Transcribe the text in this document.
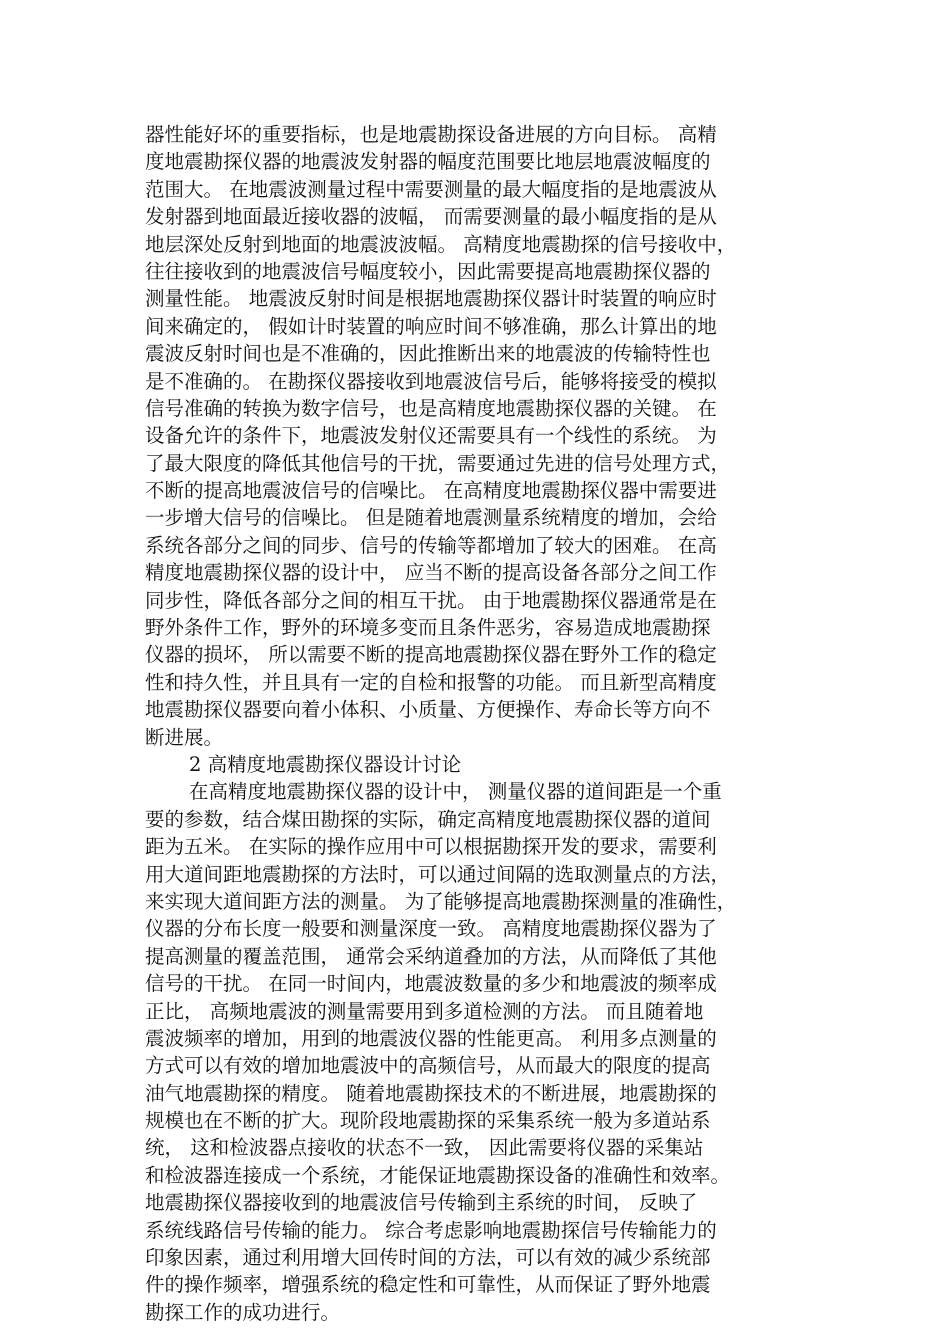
器性能好坏的重要指标，也是地震勘探设备进展的方向目标。 高精
度地震勘探仪器的地震波发射器的幅度范围要比地层地震波幅度的
范围大。 在地震波测量过程中需要测量的最大幅度指的是地震波从
发射器到地面最近接收器的波幅， 而需要测量的最小幅度指的是从
地层深处反射到地面的地震波波幅。 高精度地震勘探的信号接收中，
往往接收到的地震波信号幅度较小，因此需要提高地震勘探仪器的
测量性能。 地震波反射时间是根据地震勘探仪器计时装置的响应时
间来确定的， 假如计时装置的响应时间不够准确，那么计算出的地
震波反射时间也是不准确的，因此推断出来的地震波的传输特性也
是不准确的。 在勘探仪器接收到地震波信号后，能够将接受的模拟
信号准确的转换为数字信号，也是高精度地震勘探仪器的关键。 在
设备允许的条件下，地震波发射仪还需要具有一个线性的系统。 为
了最大限度的降低其他信号的干扰，需要通过先进的信号处理方式，
不断的提高地震波信号的信噪比。 在高精度地震勘探仪器中需要进
一步增大信号的信噪比。 但是随着地震测量系统精度的增加，会给
系统各部分之间的同步、信号的传输等都增加了较大的困难。 在高
精度地震勘探仪器的设计中， 应当不断的提高设备各部分之间工作
同步性，降低各部分之间的相互干扰。 由于地震勘探仪器通常是在
野外条件工作，野外的环境多变而且条件恶劣，容易造成地震勘探
仪器的损坏， 所以需要不断的提高地震勘探仪器在野外工作的稳定
性和持久性，并且具有一定的自检和报警的功能。 而且新型高精度
地震勘探仪器要向着小体积、小质量、方便操作、寿命长等方向不
断进展。
2 高精度地震勘探仪器设计讨论
在高精度地震勘探仪器的设计中， 测量仪器的道间距是一个重
要的参数，结合煤田勘探的实际，确定高精度地震勘探仪器的道间
距为五米。 在实际的操作应用中可以根据勘探开发的要求，需要利
用大道间距地震勘探的方法时，可以通过间隔的选取测量点的方法，
来实现大道间距方法的测量。 为了能够提高地震勘探测量的准确性，
仪器的分布长度一般要和测量深度一致。 高精度地震勘探仪器为了
提高测量的覆盖范围， 通常会采纳道叠加的方法，从而降低了其他
信号的干扰。 在同一时间内，地震波数量的多少和地震波的频率成
正比， 高频地震波的测量需要用到多道检测的方法。 而且随着地
震波频率的增加，用到的地震波仪器的性能更高。 利用多点测量的
方式可以有效的增加地震波中的高频信号，从而最大的限度的提高
油气地震勘探的精度。 随着地震勘探技术的不断进展，地震勘探的
规模也在不断的扩大。现阶段地震勘探的采集系统一般为多道站系
统， 这和检波器点接收的状态不一致， 因此需要将仪器的采集站
和检波器连接成一个系统，才能保证地震勘探设备的准确性和效率。
地震勘探仪器接收到的地震波信号传输到主系统的时间， 反映了
系统线路信号传输的能力。 综合考虑影响地震勘探信号传输能力的
印象因素，通过利用增大回传时间的方法，可以有效的减少系统部
件的操作频率，增强系统的稳定性和可靠性，从而保证了野外地震
勘探工作的成功进行。
